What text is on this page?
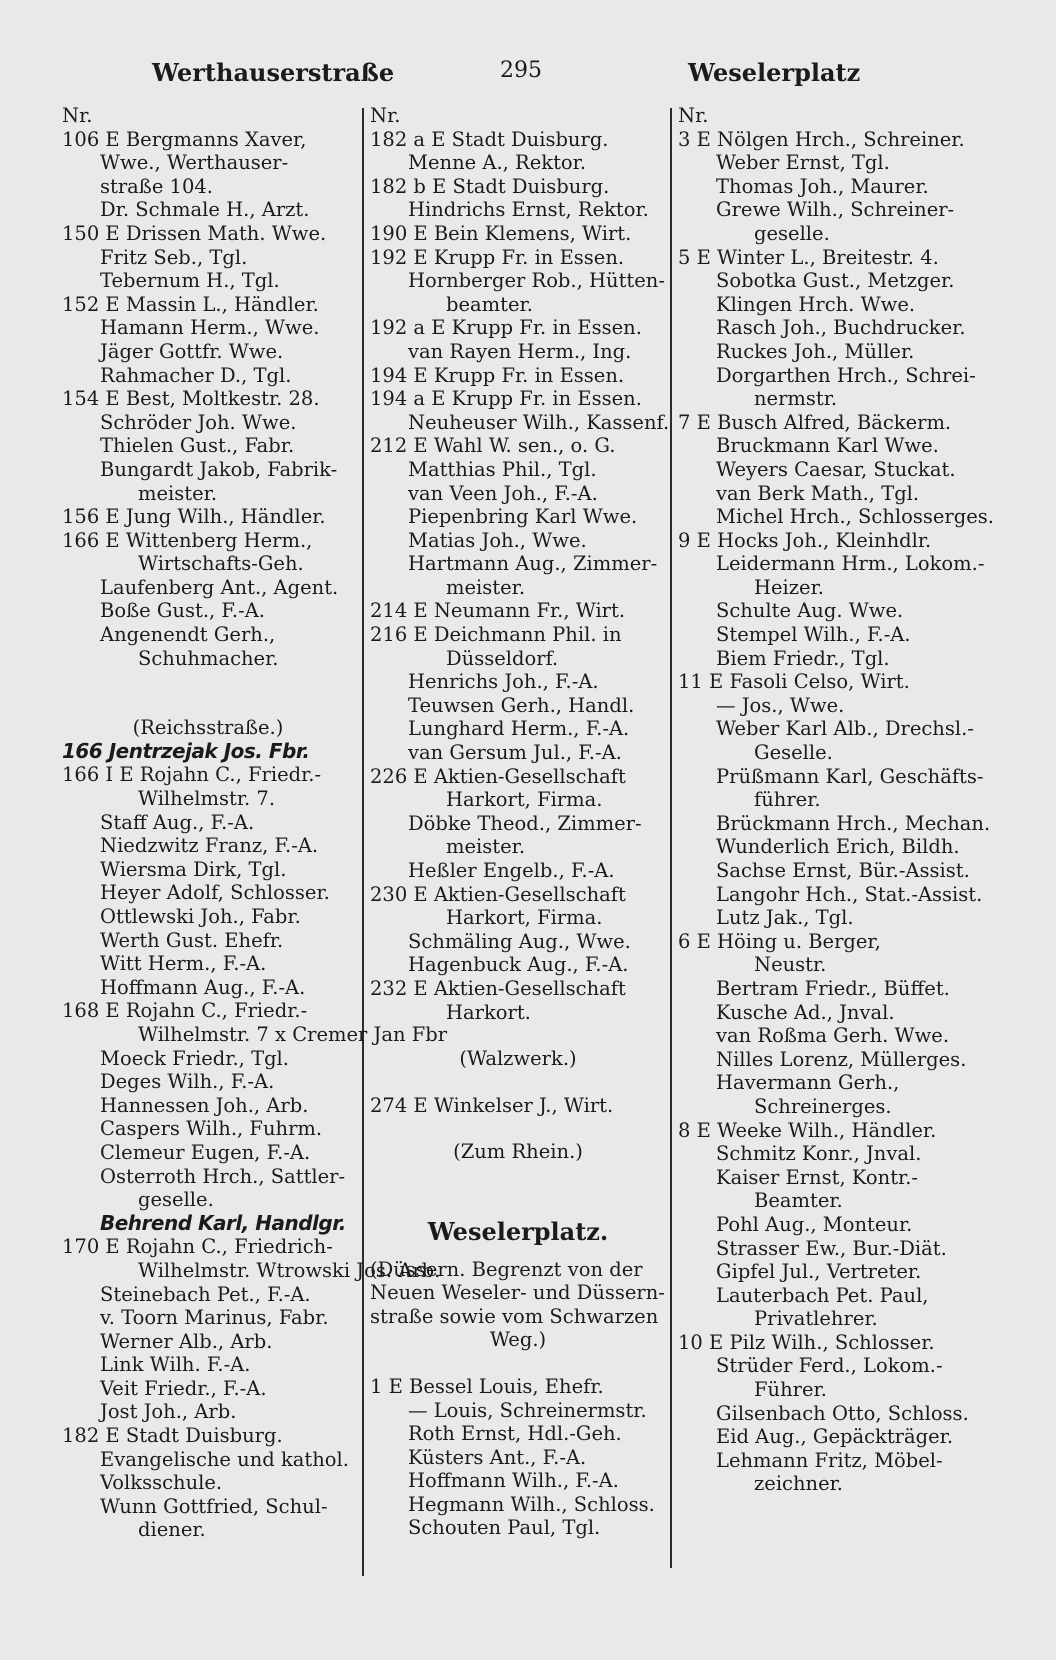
Werthauserstraße	295	Weselerplatz
Nr.
106 E Bergmanns Xaver,
Wwe., Werthauser-
straße 104.
Dr. Schmale H., Arzt.
150 E Drissen Math. Wwe.
Fritz Seb., Tgl.
Tebernum H., Tgl.
152 E Massin L., Händler.
Hamann Herm., Wwe.
Jäger Gottfr. Wwe.
Rahmacher D., Tgl.
154 E Best, Moltkestr. 28.
Schröder Joh. Wwe.
Thielen Gust., Fabr.
Bungardt Jakob, Fabrik-
meister.
156 E Jung Wilh., Händler.
166 E Wittenberg Herm.,
Wirtschafts-Geh.
Laufenberg Ant., Agent.
Boße Gust., F.-A.
Angenendt Gerh.,
Schuhmacher.
(Reichsstraße.)
166 Jentrzejak Jos. Fbr.
166 I E Rojahn C., Friedr.-
Wilhelmstr. 7.
Staff Aug., F.-A.
Niedzwitz Franz, F.-A.
Wiersma Dirk, Tgl.
Heyer Adolf, Schlosser.
Ottlewski Joh., Fabr.
Werth Gust. Ehefr.
Witt Herm., F.-A.
Hoffmann Aug., F.-A.
168 E Rojahn C., Friedr.-
Wilhelmstr. 7 x Cremer Jan Fbr
Moeck Friedr., Tgl.
Deges Wilh., F.-A.
Hannessen Joh., Arb.
Caspers Wilh., Fuhrm.
Clemeur Eugen, F.-A.
Osterroth Hrch., Sattler-
geselle.
Behrend Karl, Handlgr.
170 E Rojahn C., Friedrich-
Wilhelmstr. Wtrowski Jos. Arb.
Steinebach Pet., F.-A.
v. Toorn Marinus, Fabr.
Werner Alb., Arb.
Link Wilh. F.-A.
Veit Friedr., F.-A.
Jost Joh., Arb.
182 E Stadt Duisburg.
Evangelische und kathol.
Volksschule.
Wunn Gottfried, Schul-
diener.
Nr.
182 a E Stadt Duisburg.
Menne A., Rektor.
182 b E Stadt Duisburg.
Hindrichs Ernst, Rektor.
190 E Bein Klemens, Wirt.
192 E Krupp Fr. in Essen.
Hornberger Rob., Hütten-
beamter.
192 a E Krupp Fr. in Essen.
van Rayen Herm., Ing.
194 E Krupp Fr. in Essen.
194 a E Krupp Fr. in Essen.
Neuheuser Wilh., Kassenf.
212 E Wahl W. sen., o. G.
Matthias Phil., Tgl.
van Veen Joh., F.-A.
Piepenbring Karl Wwe.
Matias Joh., Wwe.
Hartmann Aug., Zimmer-
meister.
214 E Neumann Fr., Wirt.
216 E Deichmann Phil. in
Düsseldorf.
Henrichs Joh., F.-A.
Teuwsen Gerh., Handl.
Lunghard Herm., F.-A.
van Gersum Jul., F.-A.
226 E Aktien-Gesellschaft
Harkort, Firma.
Döbke Theod., Zimmer-
meister.
Heßler Engelb., F.-A.
230 E Aktien-Gesellschaft
Harkort, Firma.
Schmäling Aug., Wwe.
Hagenbuck Aug., F.-A.
232 E Aktien-Gesellschaft
Harkort.
(Walzwerk.)
274 E Winkelser J., Wirt.
(Zum Rhein.)
Weselerplatz.
(Düssern. Begrenzt von der
Neuen Weseler- und Düssern-
straße sowie vom Schwarzen
Weg.)
1 E Bessel Louis, Ehefr.
— Louis, Schreinermstr.
Roth Ernst, Hdl.-Geh.
Küsters Ant., F.-A.
Hoffmann Wilh., F.-A.
Hegmann Wilh., Schloss.
Schouten Paul, Tgl.
Nr.
3 E Nölgen Hrch., Schreiner.
Weber Ernst, Tgl.
Thomas Joh., Maurer.
Grewe Wilh., Schreiner-
geselle.
5 E Winter L., Breitestr. 4.
Sobotka Gust., Metzger.
Klingen Hrch. Wwe.
Rasch Joh., Buchdrucker.
Ruckes Joh., Müller.
Dorgarthen Hrch., Schrei-
nermstr.
7 E Busch Alfred, Bäckerm.
Bruckmann Karl Wwe.
Weyers Caesar, Stuckat.
van Berk Math., Tgl.
Michel Hrch., Schlosserges.
9 E Hocks Joh., Kleinhdlr.
Leidermann Hrm., Lokom.-
Heizer.
Schulte Aug. Wwe.
Stempel Wilh., F.-A.
Biem Friedr., Tgl.
11 E Fasoli Celso, Wirt.
— Jos., Wwe.
Weber Karl Alb., Drechsl.-
Geselle.
Prüßmann Karl, Geschäfts-
führer.
Brückmann Hrch., Mechan.
Wunderlich Erich, Bildh.
Sachse Ernst, Bür.-Assist.
Langohr Hch., Stat.-Assist.
Lutz Jak., Tgl.
6 E Höing u. Berger,
Neustr.
Bertram Friedr., Büffet.
Kusche Ad., Jnval.
van Roßma Gerh. Wwe.
Nilles Lorenz, Müllerges.
Havermann Gerh.,
Schreinerges.
8 E Weeke Wilh., Händler.
Schmitz Konr., Jnval.
Kaiser Ernst, Kontr.-
Beamter.
Pohl Aug., Monteur.
Strasser Ew., Bur.-Diät.
Gipfel Jul., Vertreter.
Lauterbach Pet. Paul,
Privatlehrer.
10 E Pilz Wilh., Schlosser.
Strüder Ferd., Lokom.-
Führer.
Gilsenbach Otto, Schloss.
Eid Aug., Gepäckträger.
Lehmann Fritz, Möbel-
zeichner.
